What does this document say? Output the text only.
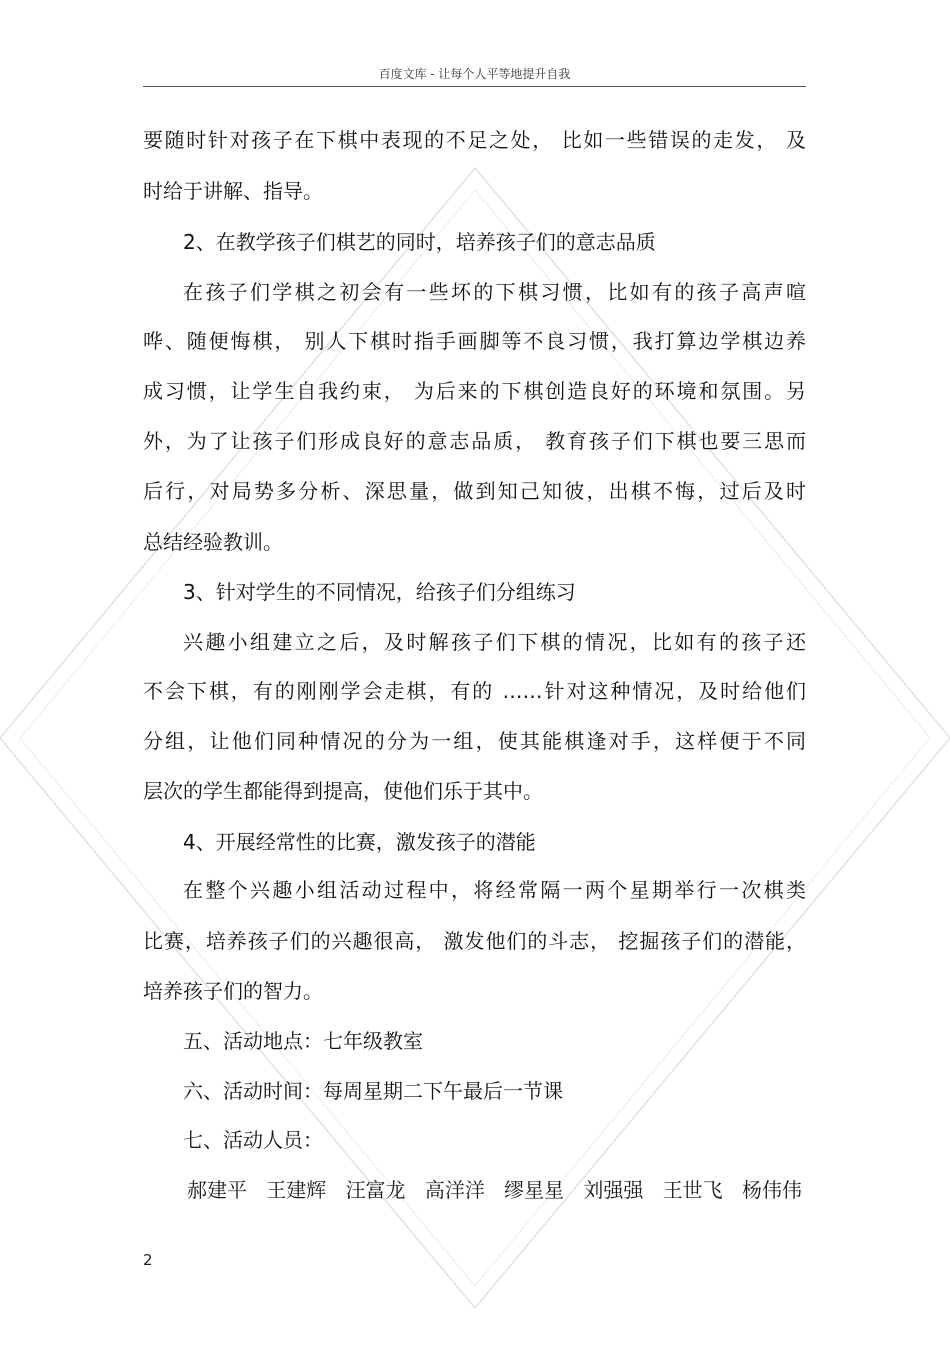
百度文库 - 让每个人平等地提升自我
要随时针对孩子在下棋中表现的不足之处， 比如一些错误的走发， 及
时给于讲解、指导。
2、在教学孩子们棋艺的同时，培养孩子们的意志品质
在孩子们学棋之初会有一些坏的下棋习惯，比如有的孩子高声喧
哗、随便悔棋， 别人下棋时指手画脚等不良习惯，我打算边学棋边养
成习惯，让学生自我约束， 为后来的下棋创造良好的环境和氛围。另
外，为了让孩子们形成良好的意志品质， 教育孩子们下棋也要三思而
后行，对局势多分析、深思量，做到知己知彼，出棋不悔，过后及时
总结经验教训。
3、针对学生的不同情况，给孩子们分组练习
兴趣小组建立之后，及时解孩子们下棋的情况，比如有的孩子还
不会下棋，有的刚刚学会走棋，有的 ……针对这种情况，及时给他们
分组，让他们同种情况的分为一组，使其能棋逢对手，这样便于不同
层次的学生都能得到提高，使他们乐于其中。
4、开展经常性的比赛，激发孩子的潜能
在整个兴趣小组活动过程中，将经常隔一两个星期举行一次棋类
比赛，培养孩子们的兴趣很高， 激发他们的斗志， 挖掘孩子们的潜能，
培养孩子们的智力。
五、活动地点：七年级教室
六、活动时间：每周星期二下午最后一节课
七、活动人员：
郝建平 王建辉 汪富龙 高洋洋 缪星星 刘强强 王世飞 杨伟伟
2
